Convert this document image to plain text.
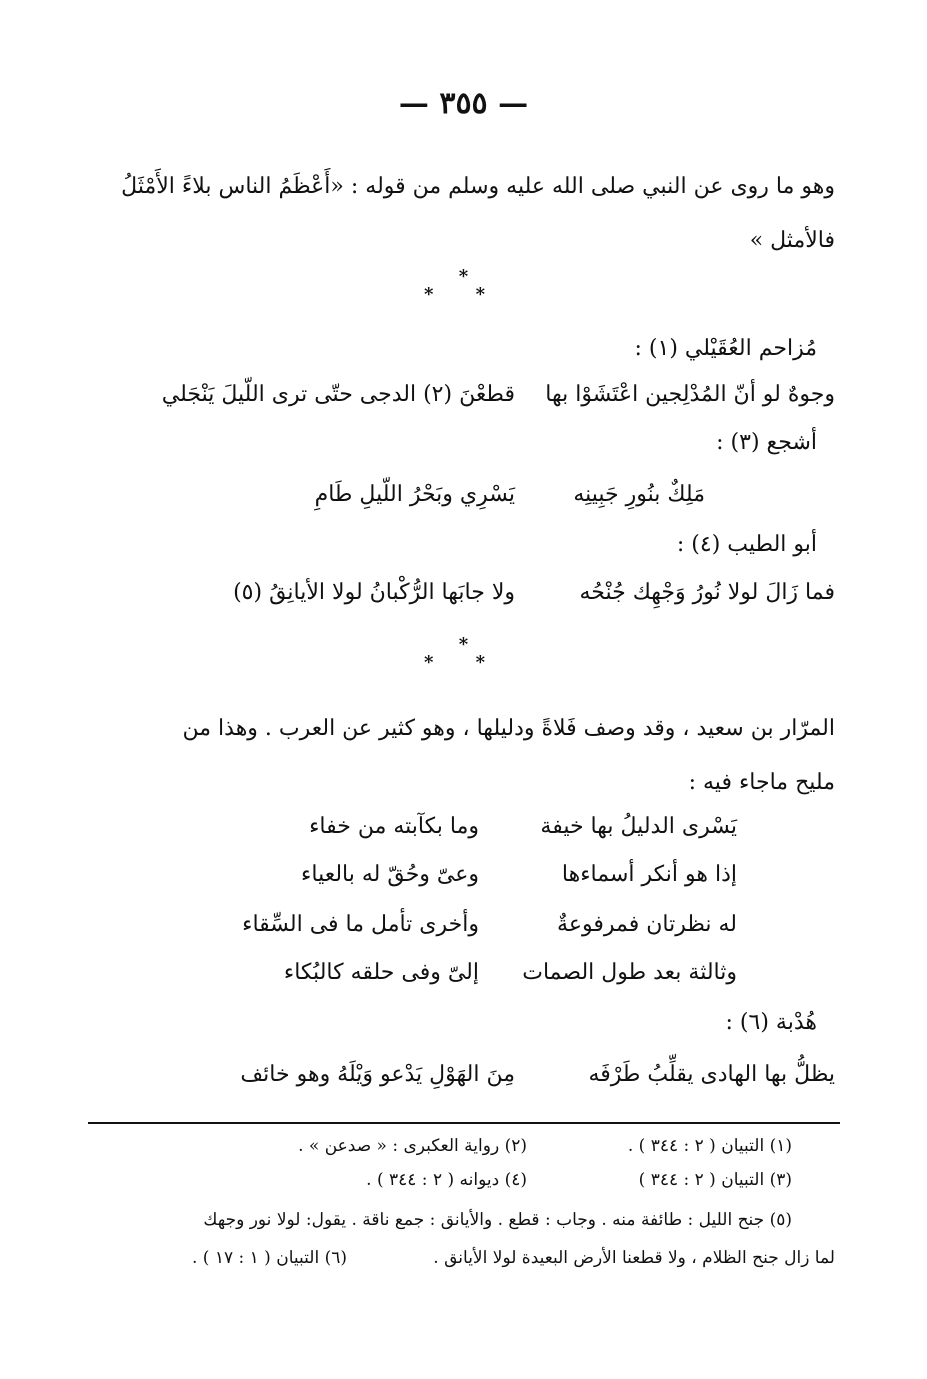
— ٣٥٥ —
وهو ما روى عن النبي صلى الله عليه وسلم من قوله : «أَعْظَمُ الناس بلاءً الأَمْثَلُ
فالأمثل »
*
* *
مُزاحم العُقَيْلي (١) :
وجوهٌ لو أنّ المُدْلِجين اعْتَشَوْا بها
قطعْنَ (٢) الدجى حتّى ترى اللّيلَ يَنْجَلي
أشجع (٣) :
مَلِكٌ بنُورِ جَبِينِه
يَسْرِي وبَحْرُ اللّيلِ طَامِ
أبو الطيب (٤) :
فما زَالَ لولا نُورُ وَجْهِك جُنْحُه
ولا جابَها الرُّكْبانُ لولا الأيانِقُ (٥)
*
* *
المرّار بن سعيد ، وقد وصف فَلاةً ودليلها ، وهو كثير عن العرب . وهذا من
مليح ماجاء فيه :
يَسْرى الدليلُ بها خيفة
وما بكآبته من خفاء
إذا هو أنكر أسماءها
وعىّ وحُقّ له بالعياء
له نظرتان فمرفوعةٌ
وأخرى تأمل ما فى السِّقاء
وثالثة بعد طول الصمات
إلىّ وفى حلقه كالبُكاء
هُدْبة (٦) :
يظلُّ بها الهادى يقلِّبُ طَرْفَه
مِنَ الهَوْلِ يَدْعو وَيْلَهُ وهو خائف
(١) التبيان ( ٢ : ٣٤٤ ) .
(٢) رواية العكبرى : « صدعن » .
(٣) التبيان ( ٢ : ٣٤٤ )
(٤) ديوانه ( ٢ : ٣٤٤ ) .
(٥) جنح الليل : طائفة منه . وجاب : قطع . والأيانق : جمع ناقة . يقول: لولا نور وجهك
لما زال جنح الظلام ، ولا قطعنا الأرض البعيدة لولا الأيانق .
(٦) التبيان ( ١ : ١٧ ) .
